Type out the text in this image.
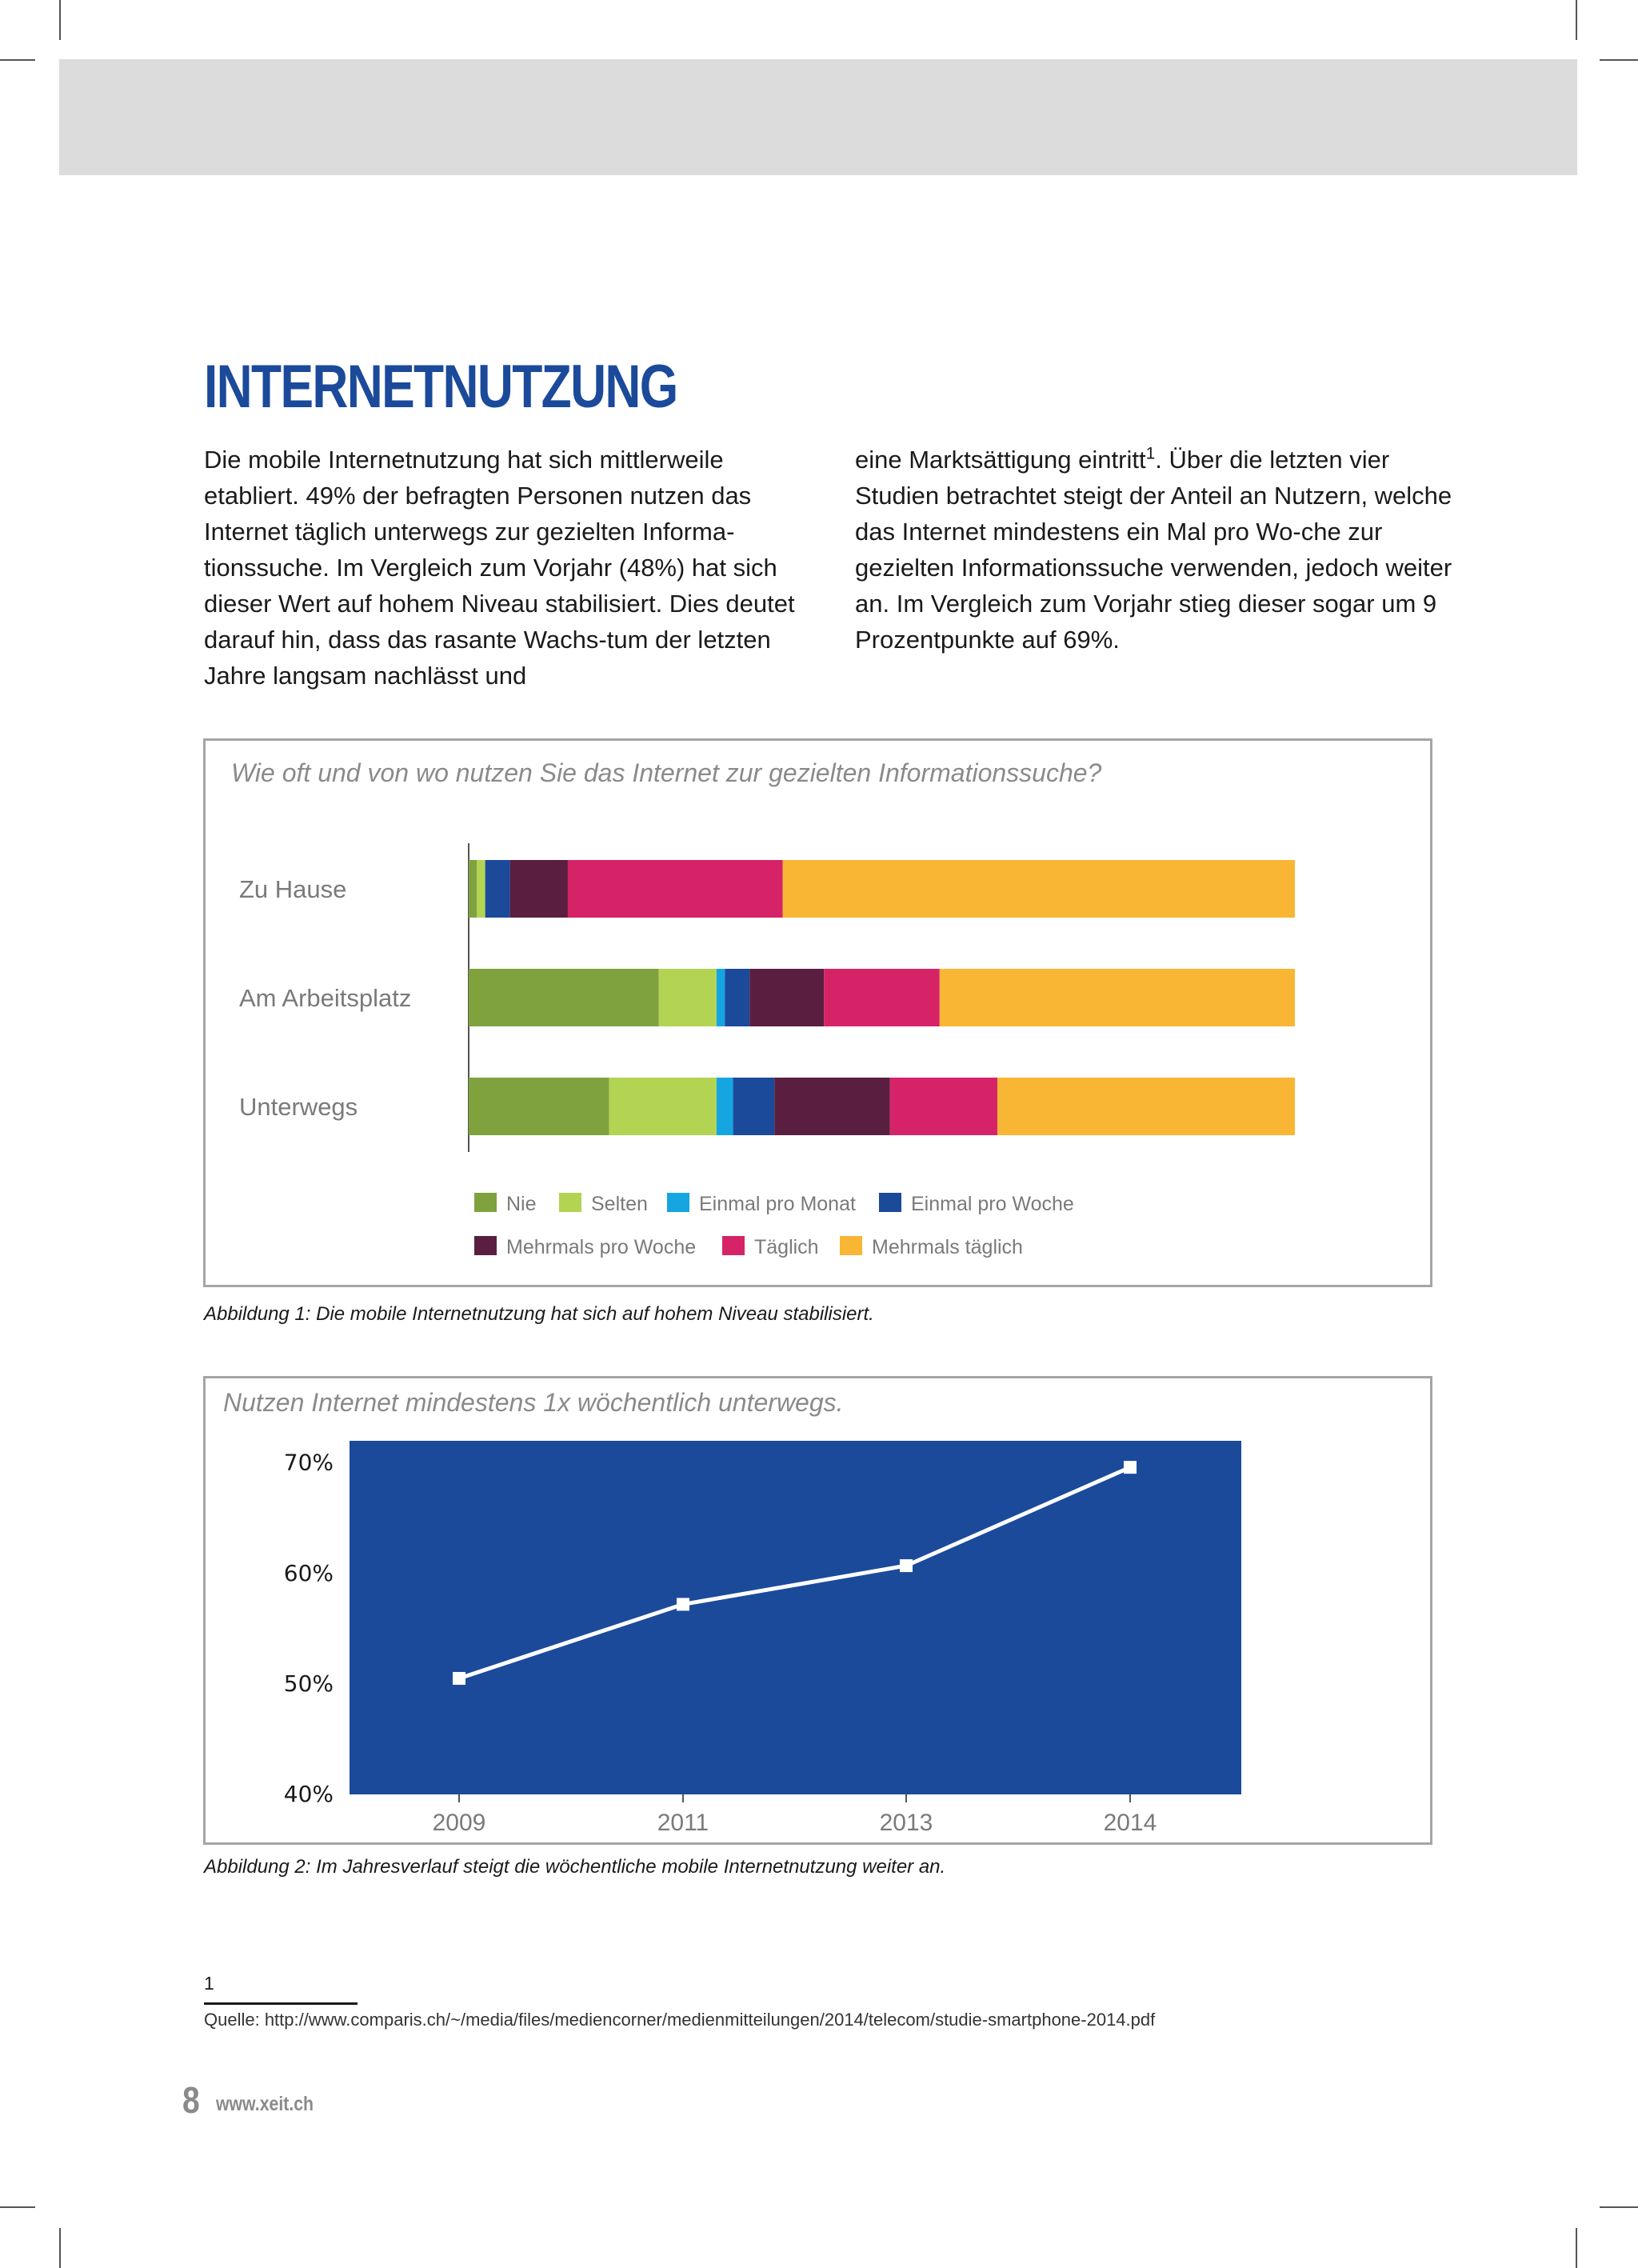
INTERNETNUTZUNG

Die mobile Internetnutzung hat sich mittlerweile etabliert. 49% der befragten Personen nutzen das Internet täglich unterwegs zur gezielten Informa-tionssuche. Im Vergleich zum Vorjahr (48%) hat sich dieser Wert auf hohem Niveau stabilisiert. Dies deutet darauf hin, dass das rasante Wachs-tum der letzten Jahre langsam nachlässt und

eine Marktsättigung eintritt$^1$. Über die letzten vier Studien betrachtet steigt der Anteil an Nutzern, welche das Internet mindestens ein Mal pro Wo-che zur gezielten Informationssuche verwenden, jedoch weiter an. Im Vergleich zum Vorjahr stieg dieser sogar um 9 Prozentpunkte auf 69%.

Zu Hause
Am Arbeitsplatz
Unterwegs
Nie	Selten	Einmal pro Monat	Einmal pro Woche
Mehrmals pro Woche	Täglich	Mehrmals täglich

Wie oft und von wo nutzen Sie das Internet zur gezielten Informationssuche?

Abbildung 1: Die mobile Internetnutzung hat sich auf hohem Niveau stabilisiert.

40%
50%
60%
70%
2009	2011	2013	2014

Nutzen Internet mindestens 1x wöchentlich unterwegs.

Abbildung 2: Im Jahresverlauf steigt die wöchentliche mobile Internetnutzung weiter an.

1

Quelle: http://www.comparis.ch/~/media/files/mediencorner/medienmitteilungen/2014/telecom/studie-smartphone-2014.pdf

8 www.xeit.ch
